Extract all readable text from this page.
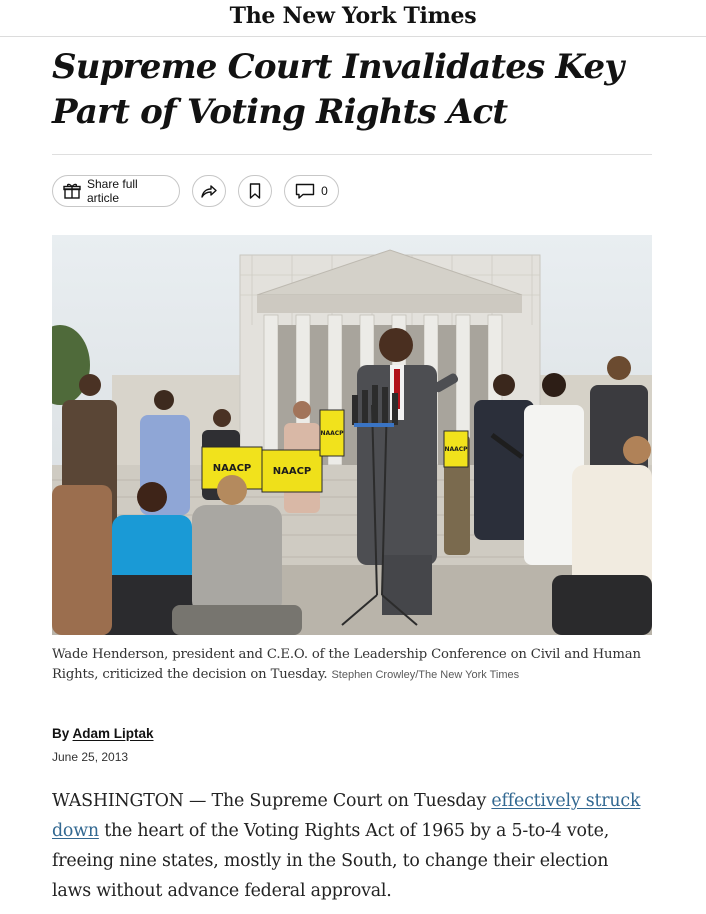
The New York Times
Supreme Court Invalidates Key Part of Voting Rights Act
Share full article	0
NAACP NAACP
NAACP
NAACP

Wade Henderson, president and C.E.O. of the Leadership Conference on Civil and Human Rights, criticized the decision on Tuesday. Stephen Crowley/The New York Times

By Adam Liptak
June 25, 2013

WASHINGTON — The Supreme Court on Tuesday effectively struck down the heart of the Voting Rights Act of 1965 by a 5-to-4 vote, freeing nine states, mostly in the South, to change their election laws without advance federal approval.
